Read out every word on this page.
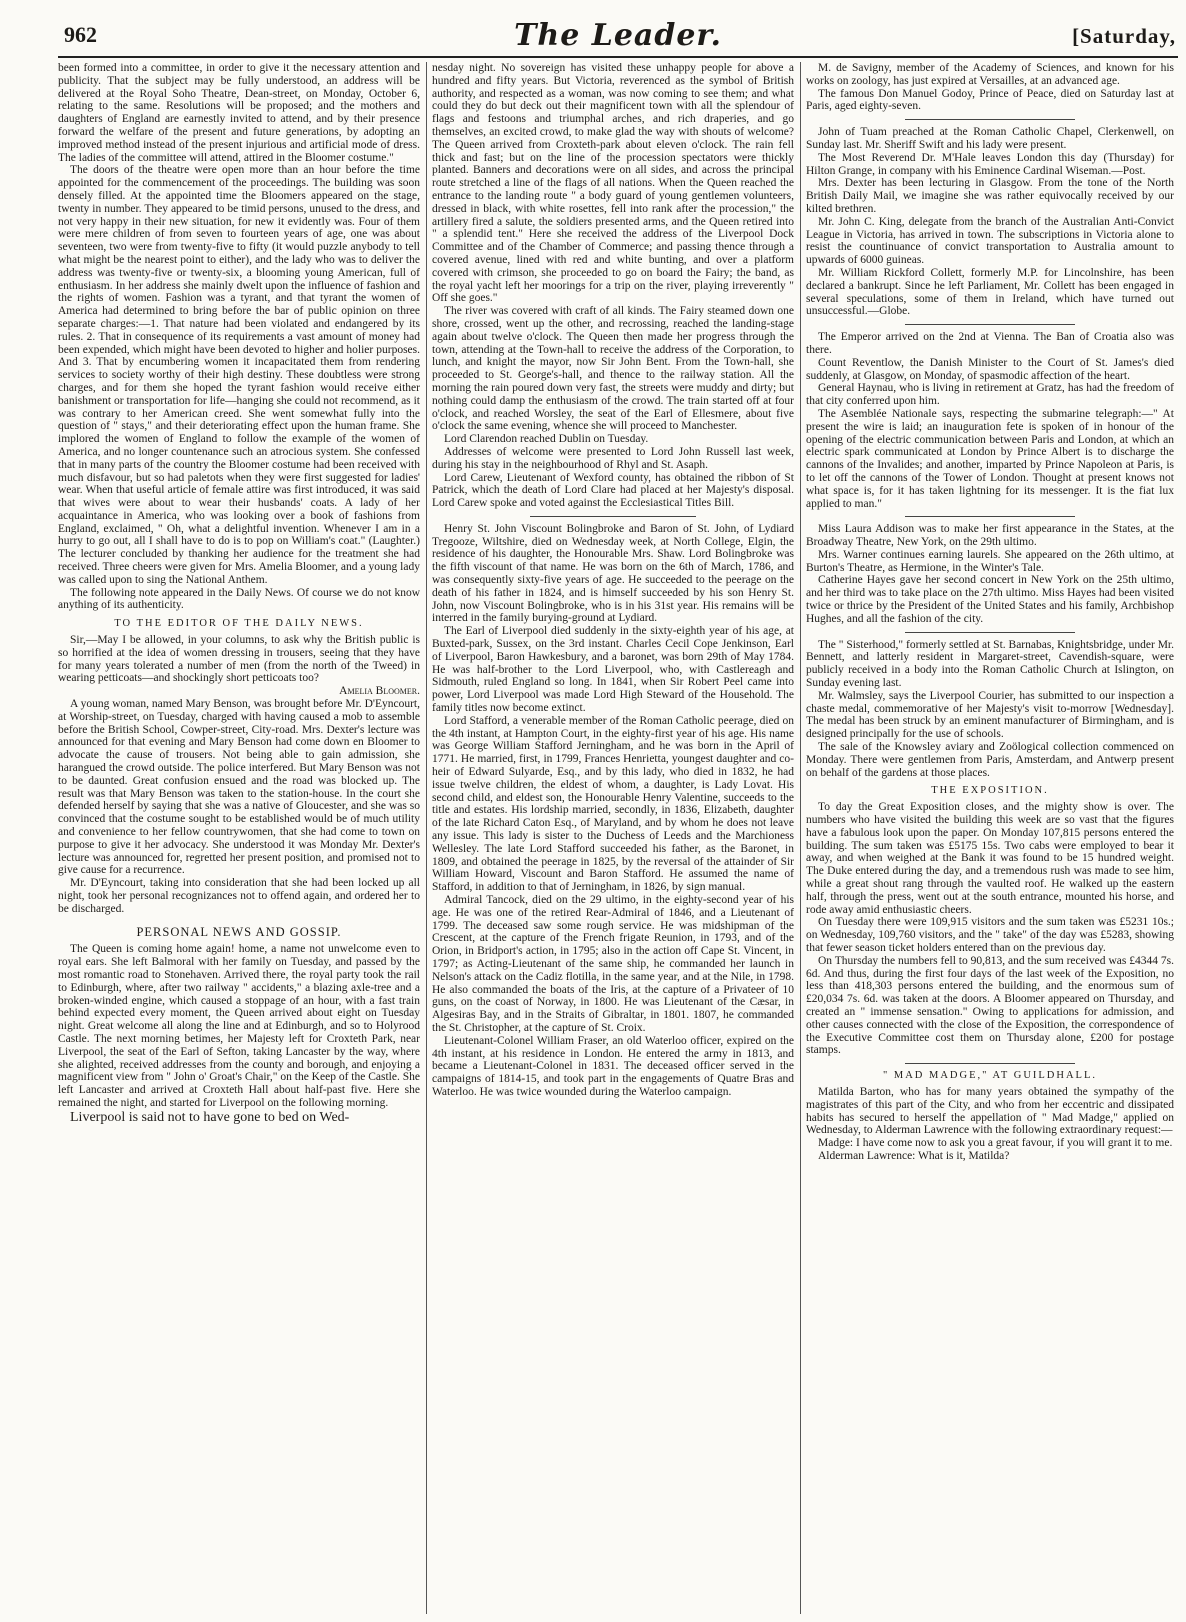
962	The Leader.	[Saturday,

been formed into a committee, in order to give it the necessary attention and publicity. That the subject may be fully understood, an address will be delivered at the Royal Soho Theatre, Dean-street, on Monday, October 6, relating to the same. Resolutions will be proposed; and the mothers and daughters of England are earnestly invited to attend, and by their presence forward the welfare of the present and future generations, by adopting an improved method instead of the present injurious and artificial mode of dress. The ladies of the committee will attend, attired in the Bloomer costume."

The doors of the theatre were open more than an hour before the time appointed for the commencement of the proceedings. The building was soon densely filled. At the appointed time the Bloomers appeared on the stage, twenty in number. They appeared to be timid persons, unused to the dress, and not very happy in their new situation, for new it evidently was. Four of them were mere children of from seven to fourteen years of age, one was about seventeen, two were from twenty-five to fifty (it would puzzle anybody to tell what might be the nearest point to either), and the lady who was to deliver the address was twenty-five or twenty-six, a blooming young American, full of enthusiasm. In her address she mainly dwelt upon the influence of fashion and the rights of women. Fashion was a tyrant, and that tyrant the women of America had determined to bring before the bar of public opinion on three separate charges:—1. That nature had been violated and endangered by its rules. 2. That in consequence of its requirements a vast amount of money had been expended, which might have been devoted to higher and holier purposes. And 3. That by encumbering women it incapacitated them from rendering services to society worthy of their high destiny. These doubtless were strong charges, and for them she hoped the tyrant fashion would receive either banishment or transportation for life—hanging she could not recommend, as it was contrary to her American creed. She went somewhat fully into the question of " stays," and their deteriorating effect upon the human frame. She implored the women of England to follow the example of the women of America, and no longer countenance such an atrocious system. She confessed that in many parts of the country the Bloomer costume had been received with much disfavour, but so had paletots when they were first suggested for ladies' wear. When that useful article of female attire was first introduced, it was said that wives were about to wear their husbands' coats. A lady of her acquaintance in America, who was looking over a book of fashions from England, exclaimed, " Oh, what a delightful invention. Whenever I am in a hurry to go out, all I shall have to do is to pop on William's coat." (Laughter.) The lecturer concluded by thanking her audience for the treatment she had received. Three cheers were given for Mrs. Amelia Bloomer, and a young lady was called upon to sing the National Anthem.

The following note appeared in the Daily News. Of course we do not know anything of its authenticity.

TO THE EDITOR OF THE DAILY NEWS.

Sir,—May I be allowed, in your columns, to ask why the British public is so horrified at the idea of women dressing in trousers, seeing that they have for many years tolerated a number of men (from the north of the Tweed) in wearing petticoats—and shockingly short petticoats too?

Amelia Bloomer.

A young woman, named Mary Benson, was brought before Mr. D'Eyncourt, at Worship-street, on Tuesday, charged with having caused a mob to assemble before the British School, Cowper-street, City-road. Mrs. Dexter's lecture was announced for that evening and Mary Benson had come down en Bloomer to advocate the cause of trousers. Not being able to gain admission, she harangued the crowd outside. The police interfered. But Mary Benson was not to be daunted. Great confusion ensued and the road was blocked up. The result was that Mary Benson was taken to the station-house. In the court she defended herself by saying that she was a native of Gloucester, and she was so convinced that the costume sought to be established would be of much utility and convenience to her fellow countrywomen, that she had come to town on purpose to give it her advocacy. She understood it was Monday Mr. Dexter's lecture was announced for, regretted her present position, and promised not to give cause for a recurrence.

Mr. D'Eyncourt, taking into consideration that she had been locked up all night, took her personal recognizances not to offend again, and ordered her to be discharged.

PERSONAL NEWS AND GOSSIP.

The Queen is coming home again! home, a name not unwelcome even to royal ears. She left Balmoral with her family on Tuesday, and passed by the most romantic road to Stonehaven. Arrived there, the royal party took the rail to Edinburgh, where, after two railway " accidents," a blazing axle-tree and a broken-winded engine, which caused a stoppage of an hour, with a fast train behind expected every moment, the Queen arrived about eight on Tuesday night. Great welcome all along the line and at Edinburgh, and so to Holyrood Castle. The next morning betimes, her Majesty left for Croxteth Park, near Liverpool, the seat of the Earl of Sefton, taking Lancaster by the way, where she alighted, received addresses from the county and borough, and enjoying a magnificent view from " John o' Groat's Chair," on the Keep of the Castle. She left Lancaster and arrived at Croxteth Hall about half-past five. Here she remained the night, and started for Liverpool on the following morning.

Liverpool is said not to have gone to bed on Wed-

nesday night. No sovereign has visited these unhappy people for above a hundred and fifty years. But Victoria, reverenced as the symbol of British authority, and respected as a woman, was now coming to see them; and what could they do but deck out their magnificent town with all the splendour of flags and festoons and triumphal arches, and rich draperies, and go themselves, an excited crowd, to make glad the way with shouts of welcome? The Queen arrived from Croxteth-park about eleven o'clock. The rain fell thick and fast; but on the line of the procession spectators were thickly planted. Banners and decorations were on all sides, and across the principal route stretched a line of the flags of all nations. When the Queen reached the entrance to the landing route " a body guard of young gentlemen volunteers, dressed in black, with white rosettes, fell into rank after the procession," the artillery fired a salute, the soldiers presented arms, and the Queen retired into " a splendid tent." Here she received the address of the Liverpool Dock Committee and of the Chamber of Commerce; and passing thence through a covered avenue, lined with red and white bunting, and over a platform covered with crimson, she proceeded to go on board the Fairy; the band, as the royal yacht left her moorings for a trip on the river, playing irreverently " Off she goes."

The river was covered with craft of all kinds. The Fairy steamed down one shore, crossed, went up the other, and recrossing, reached the landing-stage again about twelve o'clock. The Queen then made her progress through the town, attending at the Town-hall to receive the address of the Corporation, to lunch, and knight the mayor, now Sir John Bent. From the Town-hall, she proceeded to St. George's-hall, and thence to the railway station. All the morning the rain poured down very fast, the streets were muddy and dirty; but nothing could damp the enthusiasm of the crowd. The train started off at four o'clock, and reached Worsley, the seat of the Earl of Ellesmere, about five o'clock the same evening, whence she will proceed to Manchester.

Lord Clarendon reached Dublin on Tuesday.

Addresses of welcome were presented to Lord John Russell last week, during his stay in the neighbourhood of Rhyl and St. Asaph.

Lord Carew, Lieutenant of Wexford county, has obtained the ribbon of St Patrick, which the death of Lord Clare had placed at her Majesty's disposal. Lord Carew spoke and voted against the Ecclesiastical Titles Bill.

Henry St. John Viscount Bolingbroke and Baron of St. John, of Lydiard Tregooze, Wiltshire, died on Wednesday week, at North College, Elgin, the residence of his daughter, the Honourable Mrs. Shaw. Lord Bolingbroke was the fifth viscount of that name. He was born on the 6th of March, 1786, and was consequently sixty-five years of age. He succeeded to the peerage on the death of his father in 1824, and is himself succeeded by his son Henry St. John, now Viscount Bolingbroke, who is in his 31st year. His remains will be interred in the family burying-ground at Lydiard.

The Earl of Liverpool died suddenly in the sixty-eighth year of his age, at Buxted-park, Sussex, on the 3rd instant. Charles Cecil Cope Jenkinson, Earl of Liverpool, Baron Hawkesbury, and a baronet, was born 29th of May 1784. He was half-brother to the Lord Liverpool, who, with Castlereagh and Sidmouth, ruled England so long. In 1841, when Sir Robert Peel came into power, Lord Liverpool was made Lord High Steward of the Household. The family titles now become extinct.

Lord Stafford, a venerable member of the Roman Catholic peerage, died on the 4th instant, at Hampton Court, in the eighty-first year of his age. His name was George William Stafford Jerningham, and he was born in the April of 1771. He married, first, in 1799, Frances Henrietta, youngest daughter and co-heir of Edward Sulyarde, Esq., and by this lady, who died in 1832, he had issue twelve children, the eldest of whom, a daughter, is Lady Lovat. His second child, and eldest son, the Honourable Henry Valentine, succeeds to the title and estates. His lordship married, secondly, in 1836, Elizabeth, daughter of the late Richard Caton Esq., of Maryland, and by whom he does not leave any issue. This lady is sister to the Duchess of Leeds and the Marchioness Wellesley. The late Lord Stafford succeeded his father, as the Baronet, in 1809, and obtained the peerage in 1825, by the reversal of the attainder of Sir William Howard, Viscount and Baron Stafford. He assumed the name of Stafford, in addition to that of Jerningham, in 1826, by sign manual.

Admiral Tancock, died on the 29 ultimo, in the eighty-second year of his age. He was one of the retired Rear-Admiral of 1846, and a Lieutenant of 1799. The deceased saw some rough service. He was midshipman of the Crescent, at the capture of the French frigate Reunion, in 1793, and of the Orion, in Bridport's action, in 1795; also in the action off Cape St. Vincent, in 1797; as Acting-Lieutenant of the same ship, he commanded her launch in Nelson's attack on the Cadiz flotilla, in the same year, and at the Nile, in 1798. He also commanded the boats of the Iris, at the capture of a Privateer of 10 guns, on the coast of Norway, in 1800. He was Lieutenant of the Cæsar, in Algesiras Bay, and in the Straits of Gibraltar, in 1801. 1807, he commanded the St. Christopher, at the capture of St. Croix.

Lieutenant-Colonel William Fraser, an old Waterloo officer, expired on the 4th instant, at his residence in London. He entered the army in 1813, and became a Lieutenant-Colonel in 1831. The deceased officer served in the campaigns of 1814-15, and took part in the engagements of Quatre Bras and Waterloo. He was twice wounded during the Waterloo campaign.

M. de Savigny, member of the Academy of Sciences, and known for his works on zoology, has just expired at Versailles, at an advanced age.

The famous Don Manuel Godoy, Prince of Peace, died on Saturday last at Paris, aged eighty-seven.

John of Tuam preached at the Roman Catholic Chapel, Clerkenwell, on Sunday last. Mr. Sheriff Swift and his lady were present.

The Most Reverend Dr. M'Hale leaves London this day (Thursday) for Hilton Grange, in company with his Eminence Cardinal Wiseman.—Post.

Mrs. Dexter has been lecturing in Glasgow. From the tone of the North British Daily Mail, we imagine she was rather equivocally received by our kilted brethren.

Mr. John C. King, delegate from the branch of the Australian Anti-Convict League in Victoria, has arrived in town. The subscriptions in Victoria alone to resist the countinuance of convict transportation to Australia amount to upwards of 6000 guineas.

Mr. William Rickford Collett, formerly M.P. for Lincolnshire, has been declared a bankrupt. Since he left Parliament, Mr. Collett has been engaged in several speculations, some of them in Ireland, which have turned out unsuccessful.—Globe.

The Emperor arrived on the 2nd at Vienna. The Ban of Croatia also was there.

Count Reventlow, the Danish Minister to the Court of St. James's died suddenly, at Glasgow, on Monday, of spasmodic affection of the heart.

General Haynau, who is living in retirement at Gratz, has had the freedom of that city conferred upon him.

The Asemblée Nationale says, respecting the submarine telegraph:—" At present the wire is laid; an inauguration fete is spoken of in honour of the opening of the electric communication between Paris and London, at which an electric spark communicated at London by Prince Albert is to discharge the cannons of the Invalides; and another, imparted by Prince Napoleon at Paris, is to let off the cannons of the Tower of London. Thought at present knows not what space is, for it has taken lightning for its messenger. It is the fiat lux applied to man."

Miss Laura Addison was to make her first appearance in the States, at the Broadway Theatre, New York, on the 29th ultimo.

Mrs. Warner continues earning laurels. She appeared on the 26th ultimo, at Burton's Theatre, as Hermione, in the Winter's Tale.

Catherine Hayes gave her second concert in New York on the 25th ultimo, and her third was to take place on the 27th ultimo. Miss Hayes had been visited twice or thrice by the President of the United States and his family, Archbishop Hughes, and all the fashion of the city.

The " Sisterhood," formerly settled at St. Barnabas, Knightsbridge, under Mr. Bennett, and latterly resident in Margaret-street, Cavendish-square, were publicly received in a body into the Roman Catholic Church at Islington, on Sunday evening last.

Mr. Walmsley, says the Liverpool Courier, has submitted to our inspection a chaste medal, commemorative of her Majesty's visit to-morrow [Wednesday]. The medal has been struck by an eminent manufacturer of Birmingham, and is designed principally for the use of schools.

The sale of the Knowsley aviary and Zoölogical collection commenced on Monday. There were gentlemen from Paris, Amsterdam, and Antwerp present on behalf of the gardens at those places.

THE EXPOSITION.

To day the Great Exposition closes, and the mighty show is over. The numbers who have visited the building this week are so vast that the figures have a fabulous look upon the paper. On Monday 107,815 persons entered the building. The sum taken was £5175 15s. Two cabs were employed to bear it away, and when weighed at the Bank it was found to be 15 hundred weight. The Duke entered during the day, and a tremendous rush was made to see him, while a great shout rang through the vaulted roof. He walked up the eastern half, through the press, went out at the south entrance, mounted his horse, and rode away amid enthusiastic cheers.

On Tuesday there were 109,915 visitors and the sum taken was £5231 10s.; on Wednesday, 109,760 visitors, and the " take" of the day was £5283, showing that fewer season ticket holders entered than on the previous day.

On Thursday the numbers fell to 90,813, and the sum received was £4344 7s. 6d. And thus, during the first four days of the last week of the Exposition, no less than 418,303 persons entered the building, and the enormous sum of £20,034 7s. 6d. was taken at the doors. A Bloomer appeared on Thursday, and created an " immense sensation." Owing to applications for admission, and other causes connected with the close of the Exposition, the correspondence of the Executive Committee cost them on Thursday alone, £200 for postage stamps.

" MAD MADGE," AT GUILDHALL.

Matilda Barton, who has for many years obtained the sympathy of the magistrates of this part of the City, and who from her eccentric and dissipated habits has secured to herself the appellation of " Mad Madge," applied on Wednesday, to Alderman Lawrence with the following extraordinary request:—

Madge: I have come now to ask you a great favour, if you will grant it to me.

Alderman Lawrence: What is it, Matilda?
